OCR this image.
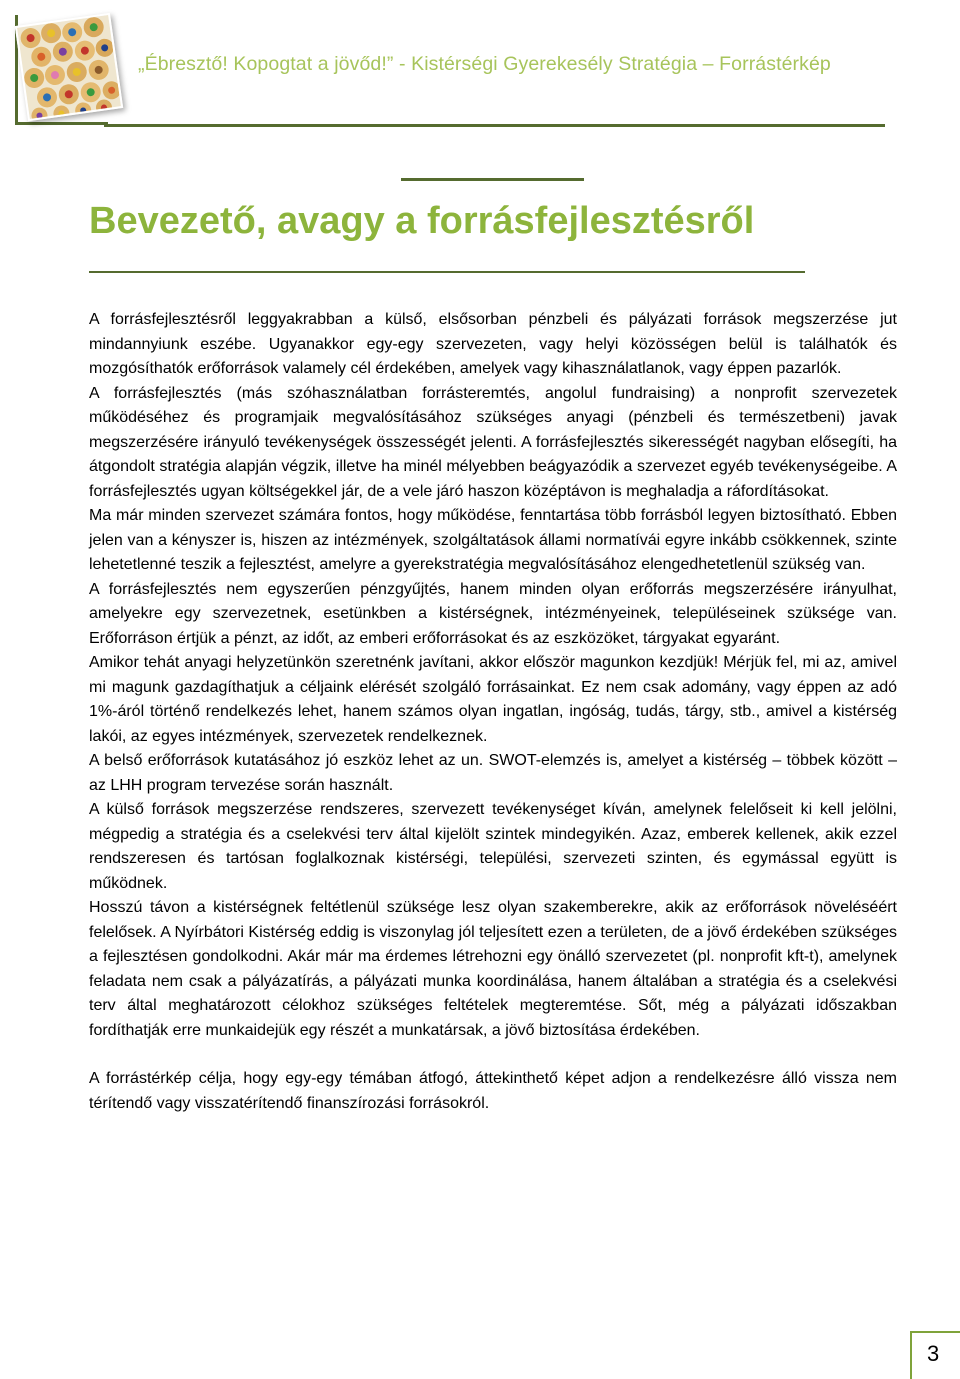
„Ébresztő! Kopogtat a jövőd!” - Kistérségi Gyerekesély Stratégia – Forrástérkép
Bevezető, avagy a forrásfejlesztésről

A forrásfejlesztésről leggyakrabban a külső, elsősorban pénzbeli és pályázati források megszerzése jut mindannyiunk eszébe. Ugyanakkor egy-egy szervezeten, vagy helyi közösségen belül is találhatók és mozgósíthatók erőforrások valamely cél érdekében, amelyek vagy kihasználatlanok, vagy éppen pazarlók.

A forrásfejlesztés (más szóhasználatban forrásteremtés, angolul fundraising) a nonprofit szervezetek működéséhez és programjaik megvalósításához szükséges anyagi (pénzbeli és természetbeni) javak megszerzésére irányuló tevékenységek összességét jelenti. A forrásfejlesztés sikerességét nagyban elősegíti, ha átgondolt stratégia alapján végzik, illetve ha minél mélyebben beágyazódik a szervezet egyéb tevékenységeibe. A forrásfejlesztés ugyan költségekkel jár, de a vele járó haszon középtávon is meghaladja a ráfordításokat.

Ma már minden szervezet számára fontos, hogy működése, fenntartása több forrásból legyen biztosítható. Ebben jelen van a kényszer is, hiszen az intézmények, szolgáltatások állami normatívái egyre inkább csökkennek, szinte lehetetlenné teszik a fejlesztést, amelyre a gyerekstratégia megvalósításához elengedhetetlenül szükség van.

A forrásfejlesztés nem egyszerűen pénzgyűjtés, hanem minden olyan erőforrás megszerzésére irányulhat, amelyekre egy szervezetnek, esetünkben a kistérségnek, intézményeinek, településeinek szüksége van. Erőforráson értjük a pénzt, az időt, az emberi erőforrásokat és az eszközöket, tárgyakat egyaránt.

Amikor tehát anyagi helyzetünkön szeretnénk javítani, akkor először magunkon kezdjük! Mérjük fel, mi az, amivel mi magunk gazdagíthatjuk a céljaink elérését szolgáló forrásainkat. Ez nem csak adomány, vagy éppen az adó 1%-áról történő rendelkezés lehet, hanem számos olyan ingatlan, ingóság, tudás, tárgy, stb., amivel a kistérség lakói, az egyes intézmények, szervezetek rendelkeznek.

A belső erőforrások kutatásához jó eszköz lehet az un. SWOT-elemzés is, amelyet a kistérség – többek között – az LHH program tervezése során használt.

A külső források megszerzése rendszeres, szervezett tevékenységet kíván, amelynek felelőseit ki kell jelölni, mégpedig a stratégia és a cselekvési terv által kijelölt szintek mindegyikén. Azaz, emberek kellenek, akik ezzel rendszeresen és tartósan foglalkoznak kistérségi, települési, szervezeti szinten, és egymással együtt is működnek.

Hosszú távon a kistérségnek feltétlenül szüksége lesz olyan szakemberekre, akik az erőforrások növeléséért felelősek. A Nyírbátori Kistérség eddig is viszonylag jól teljesített ezen a területen, de a jövő érdekében szükséges a fejlesztésen gondolkodni. Akár már ma érdemes létrehozni egy önálló szervezetet (pl. nonprofit kft-t), amelynek feladata nem csak a pályázatírás, a pályázati munka koordinálása, hanem általában a stratégia és a cselekvési terv által meghatározott célokhoz szükséges feltételek megteremtése. Sőt, még a pályázati időszakban fordíthatják erre munkaidejük egy részét a munkatársak, a jövő biztosítása érdekében.

A forrástérkép célja, hogy egy-egy témában átfogó, áttekinthető képet adjon a rendelkezésre álló vissza nem térítendő vagy visszatérítendő finanszírozási forrásokról.

3
